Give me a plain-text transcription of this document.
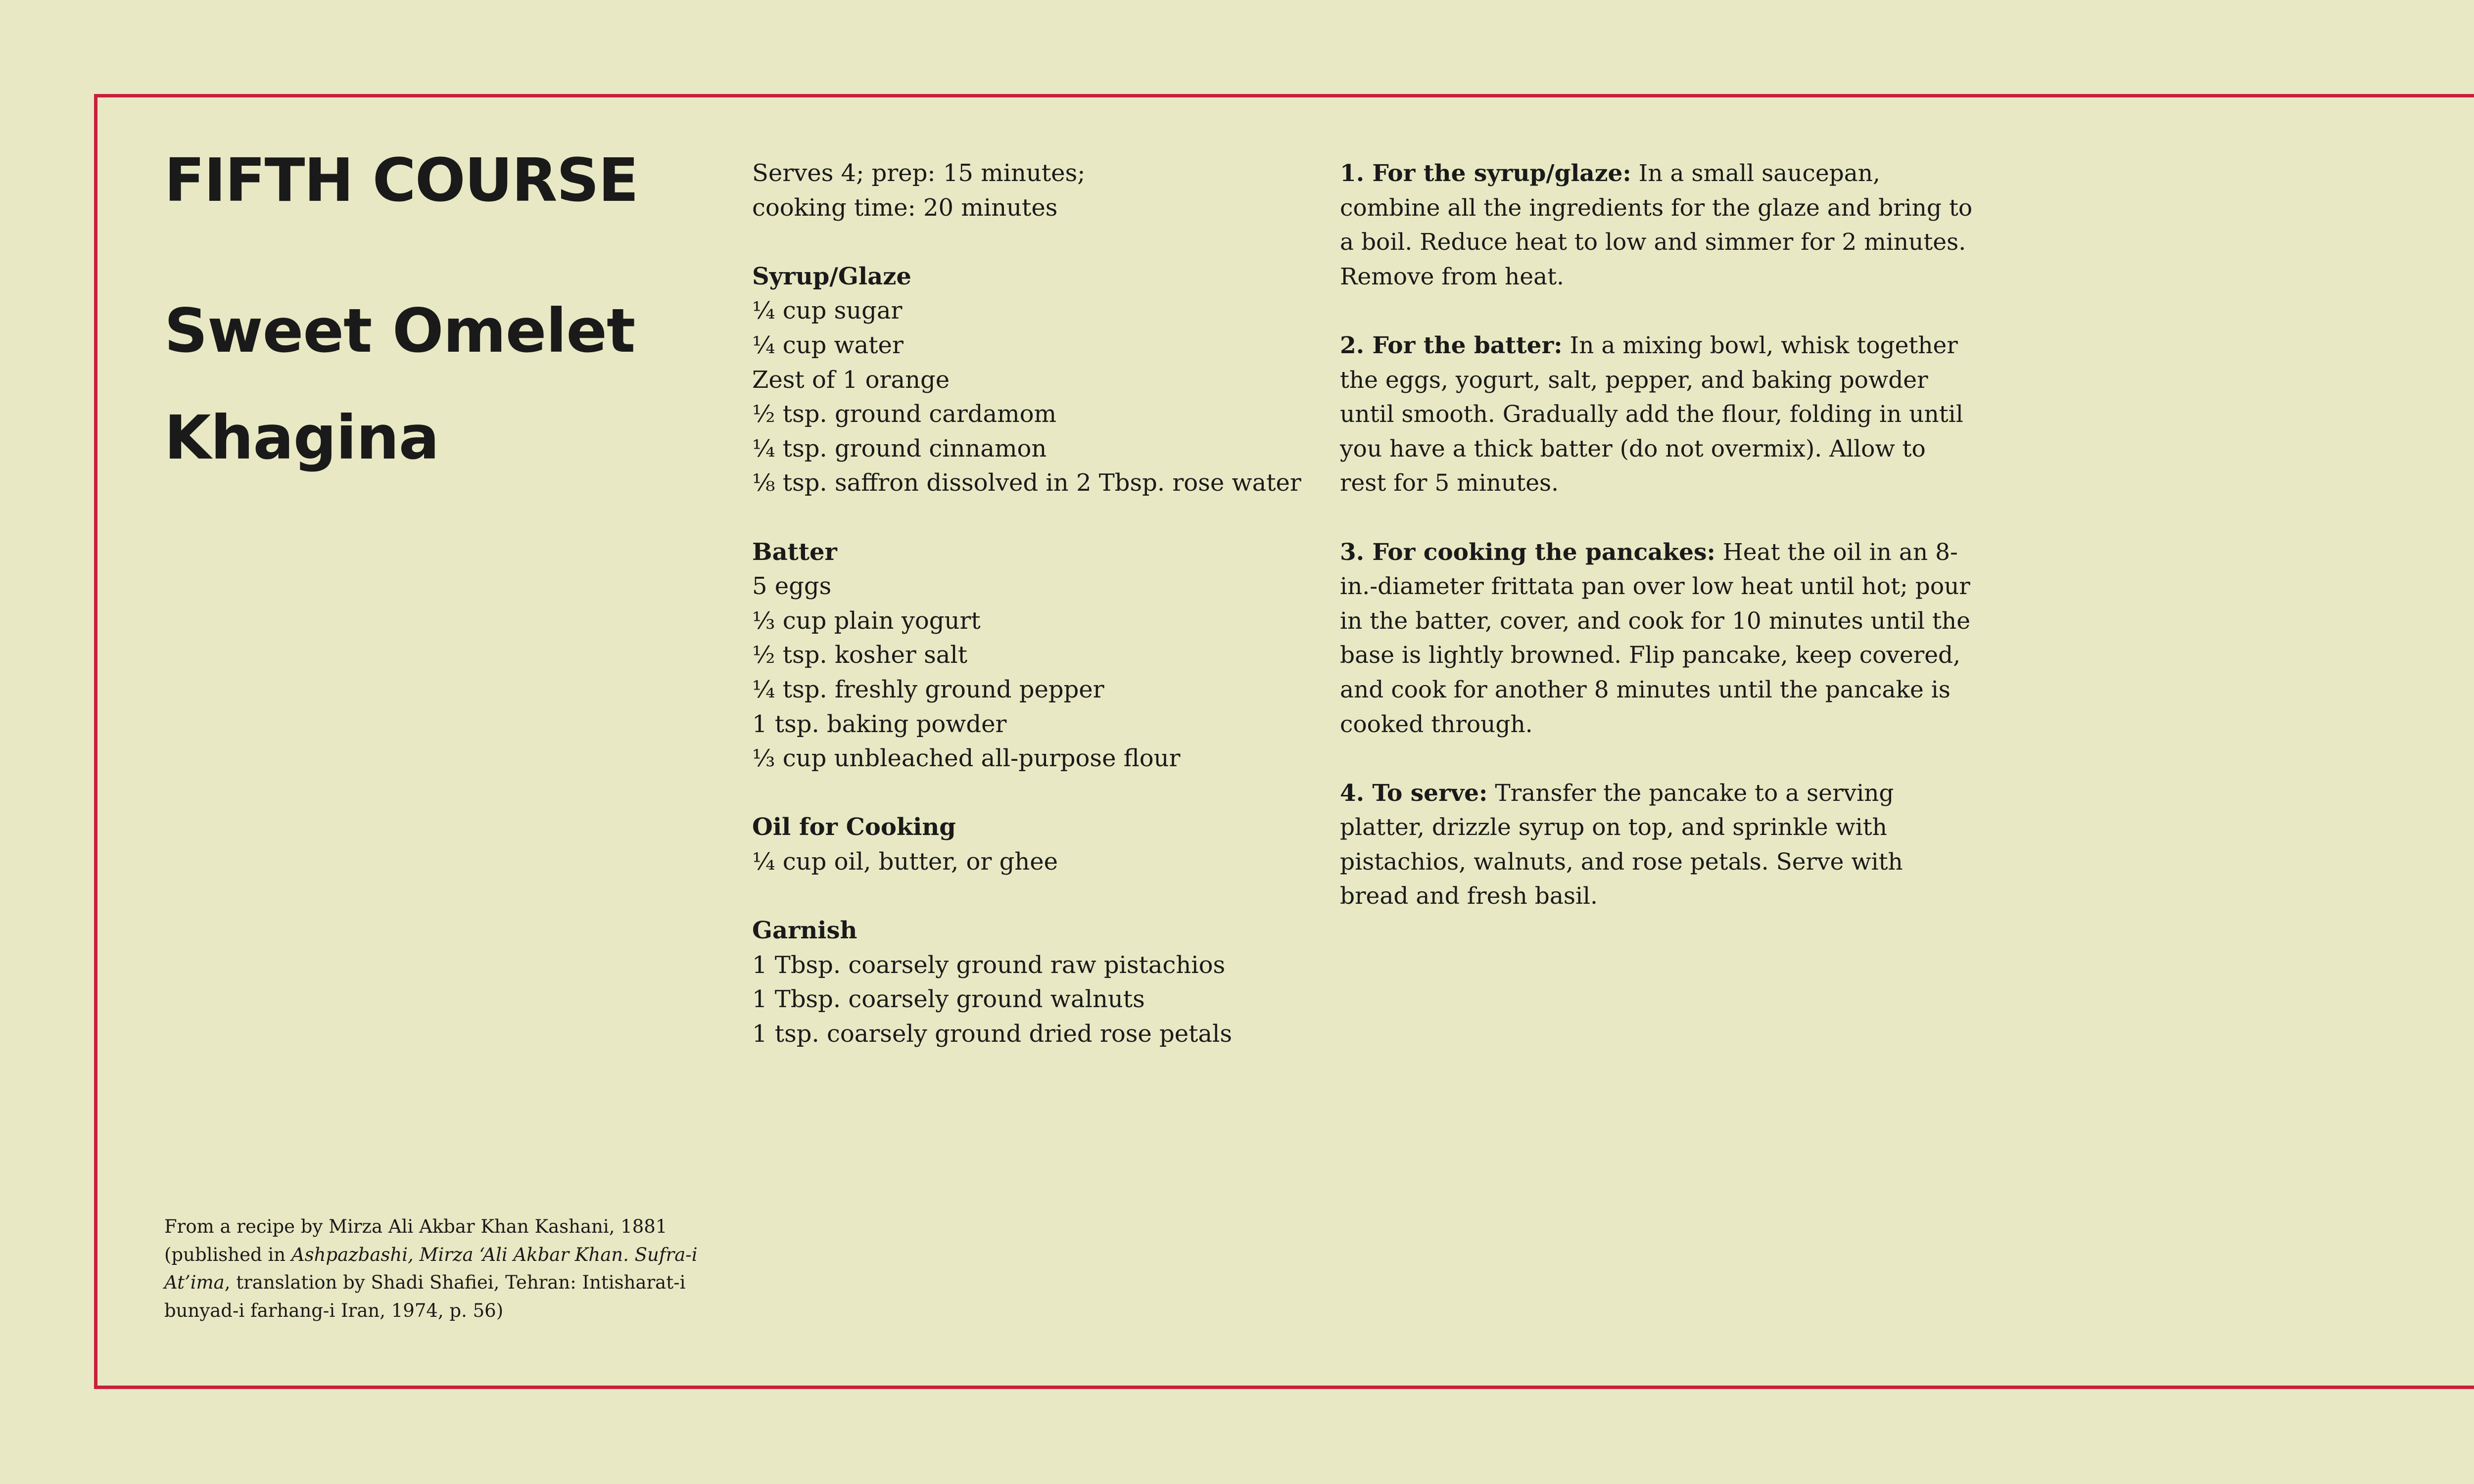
FIFTH COURSE
Sweet Omelet
Khagina
Serves 4; prep: 15 minutes;
cooking time: 20 minutes
Syrup/Glaze
¼ cup sugar
¼ cup water
Zest of 1 orange
½ tsp. ground cardamom
¼ tsp. ground cinnamon
⅛ tsp. saffron dissolved in 2 Tbsp. rose water
Batter
5 eggs
⅓ cup plain yogurt
½ tsp. kosher salt
¼ tsp. freshly ground pepper
1 tsp. baking powder
⅓ cup unbleached all-purpose flour
Oil for Cooking
¼ cup oil, butter, or ghee
Garnish
1 Tbsp. coarsely ground raw pistachios
1 Tbsp. coarsely ground walnuts
1 tsp. coarsely ground dried rose petals

1. For the syrup/glaze: In a small saucepan, combine all the ingredients for the glaze and bring to a boil. Reduce heat to low and simmer for 2 minutes. Remove from heat.

2. For the batter: In a mixing bowl, whisk together the eggs, yogurt, salt, pepper, and baking powder until smooth. Gradually add the flour, folding in until you have a thick batter (do not overmix). Allow to rest for 5 minutes.

3. For cooking the pancakes: Heat the oil in an 8-in.-diameter frittata pan over low heat until hot; pour in the batter, cover, and cook for 10 minutes until the base is lightly browned. Flip pancake, keep covered, and cook for another 8 minutes until the pancake is cooked through.

4. To serve: Transfer the pancake to a serving platter, drizzle syrup on top, and sprinkle with pistachios, walnuts, and rose petals. Serve with bread and fresh basil.

From a recipe by Mirza Ali Akbar Khan Kashani, 1881 (published in Ashpazbashi, Mirza ‘Ali Akbar Khan. Sufra-i At’ima, translation by Shadi Shafiei, Tehran: Intisharat-i bunyad-i farhang-i Iran, 1974, p. 56)
